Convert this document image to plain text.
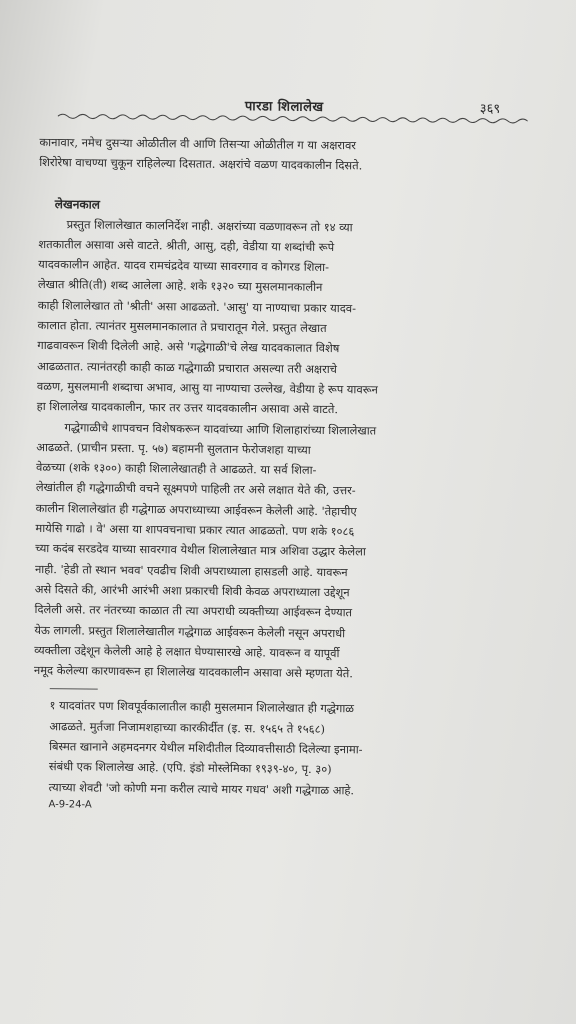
पारडा शिलालेख	३६९

कानावार, नमेच दुसऱ्या ओळीतील वी आणि तिसऱ्या ओळीतील ग या अक्षरावर
शिरोरेषा वाचण्या चुकून राहिलेल्या दिसतात. अक्षरांचे वळण यादवकालीन दिसते.

लेखनकाल

प्रस्तुत शिलालेखात कालनिर्देश नाही. अक्षरांच्या वळणावरून तो १४ व्या
शतकातील असावा असे वाटते. श्रीती, आसु, दही, वेडीया या शब्दांची रूपे
यादवकालीन आहेत. यादव रामचंद्रदेव याच्या सावरगाव व कोगरड शिला-
लेखात श्रीति(ती) शब्द आलेला आहे. शके १३२० च्या मुसलमानकालीन
काही शिलालेखात तो 'श्रीती' असा आढळतो. 'आसु' या नाण्याचा प्रकार यादव-
कालात होता. त्यानंतर मुसलमानकालात ते प्रचारातून गेले. प्रस्तुत लेखात
गाढवावरून शिवी दिलेली आहे. असे 'गद्धेगाळी'चे लेख यादवकालात विशेष
आढळतात. त्यानंतरही काही काळ गद्धेगाळी प्रचारात असल्या तरी अक्षराचे
वळण, मुसलमानी शब्दाचा अभाव, आसु या नाण्याचा उल्लेख, वेडीया हे रूप यावरून
हा शिलालेख यादवकालीन, फार तर उत्तर यादवकालीन असावा असे वाटते.

गद्धेगाळीचे शापवचन विशेषकरून यादवांच्या आणि शिलाहारांच्या शिलालेखात
आढळते. (प्राचीन प्रस्ता. पृ. ५७) बहामनी सुलतान फेरोजशहा याच्या
वेळच्या (शके १३००) काही शिलालेखातही ते आढळते. या सर्व शिला-
लेखांतील ही गद्धेगाळीची वचने सूक्ष्मपणे पाहिली तर असे लक्षात येते की, उत्तर-
कालीन शिलालेखांत ही गद्धेगाळ अपराध्याच्या आईवरून केलेली आहे. 'तेहाचीए
मायेसि गाढो । वे' असा या शापवचनाचा प्रकार त्यात आढळतो. पण शके १०८६
च्या कदंब सरडदेव याच्या सावरगाव येथील शिलालेखात मात्र अशिवा उद्धार केलेला
नाही. 'हेडी तो स्थान भवव' एवढीच शिवी अपराध्याला हासडली आहे. यावरून
असे दिसते की, आरंभी आरंभी अशा प्रकारची शिवी केवळ अपराध्याला उद्देशून
दिलेली असे. तर नंतरच्या काळात ती त्या अपराधी व्यक्तीच्या आईवरून देण्यात
येऊ लागली. प्रस्तुत शिलालेखातील गद्धेगाळ आईवरून केलेली नसून अपराधी
व्यक्तीला उद्देशून केलेली आहे हे लक्षात घेण्यासारखे आहे. यावरून व यापूर्वी
नमूद केलेल्या कारणावरून हा शिलालेख यादवकालीन असावा असे म्हणता येते.

१ यादवांतर पण शिवपूर्वकालातील काही मुसलमान शिलालेखात ही गद्धेगाळ
आढळते. मुर्तजा निजामशहाच्या कारकीर्दीत (इ. स. १५६५ ते १५६८)
बिस्मत खानाने अहमदनगर येथील मशिदीतील दिव्यावत्तीसाठी दिलेल्या इनामा-
संबंधी एक शिलालेख आहे. (एपि. इंडो मोस्लेमिका १९३९-४०, पृ. ३०)
त्याच्या शेवटी 'जो कोणी मना करील त्याचे मायर गधव' अशी गद्धेगाळ आहे.

A-9-24-A
